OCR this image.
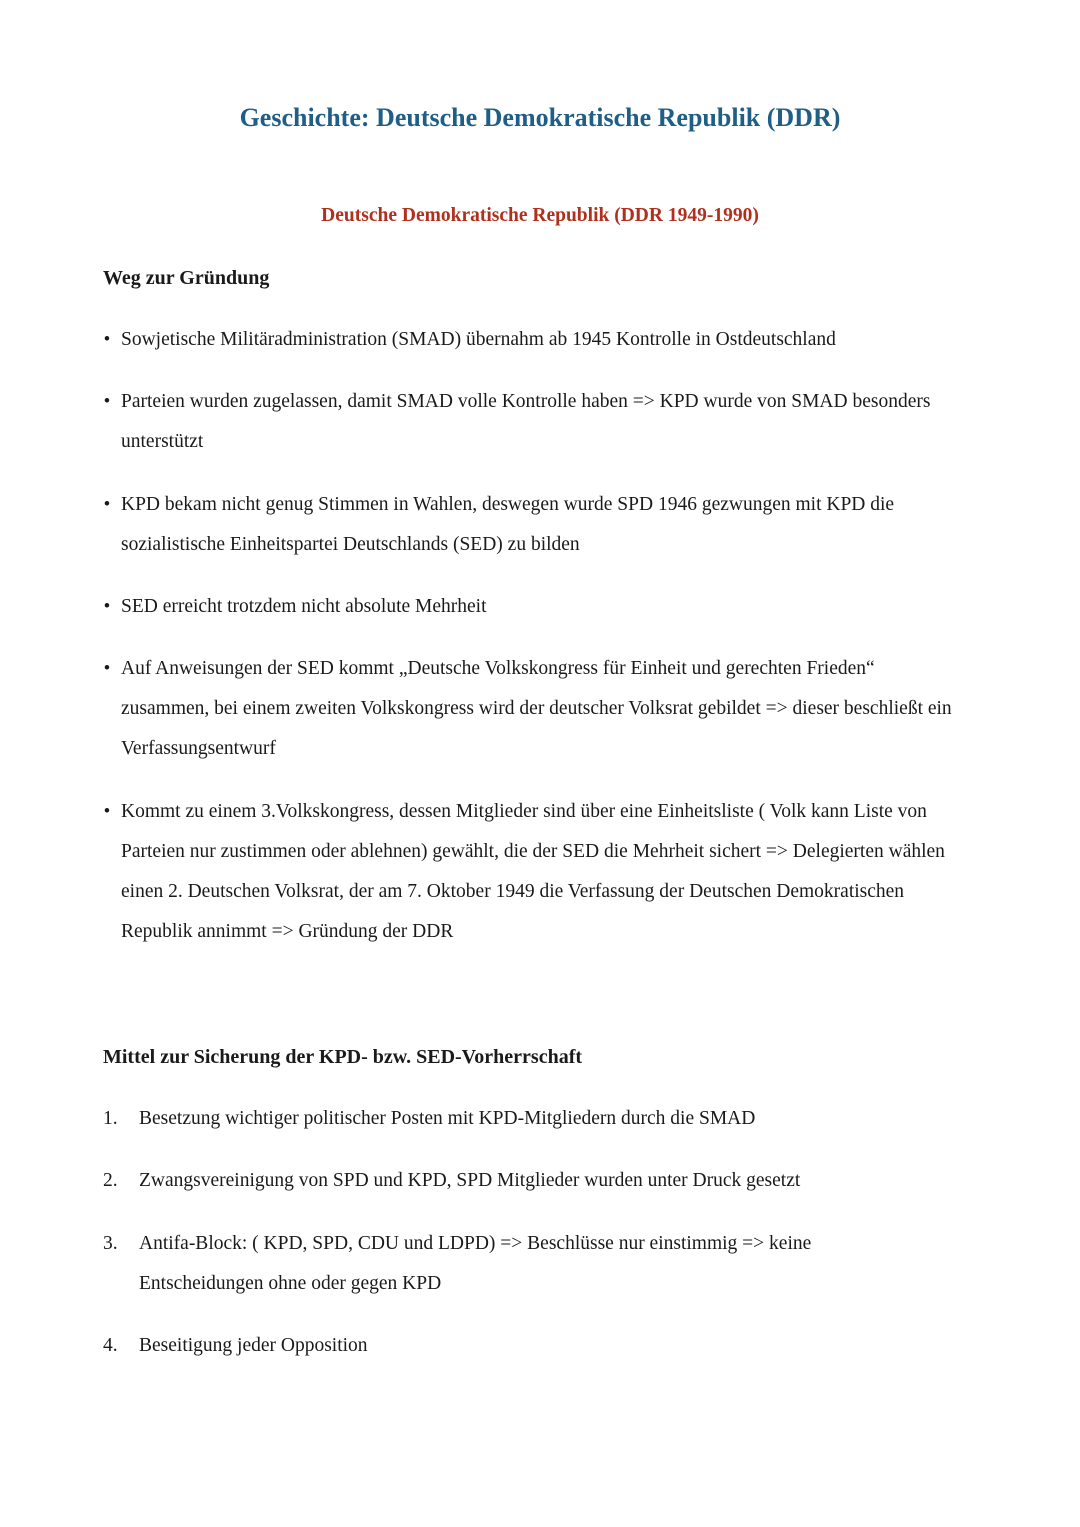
Geschichte: Deutsche Demokratische Republik (DDR)
Deutsche Demokratische Republik (DDR 1949-1990)
Weg zur Gründung
• Sowjetische Militäradministration (SMAD) übernahm ab 1945 Kontrolle in Ostdeutschland
• Parteien wurden zugelassen, damit SMAD volle Kontrolle haben => KPD wurde von SMAD besonders unterstützt
• KPD bekam nicht genug Stimmen in Wahlen, deswegen wurde SPD 1946 gezwungen mit KPD die sozialistische Einheitspartei Deutschlands (SED) zu bilden
• SED erreicht trotzdem nicht absolute Mehrheit
• Auf Anweisungen der SED kommt „Deutsche Volkskongress für Einheit und gerechten Frieden“ zusammen, bei einem zweiten Volkskongress wird der deutscher Volksrat gebildet => dieser beschließt ein Verfassungsentwurf
• Kommt zu einem 3.Volkskongress, dessen Mitglieder sind über eine Einheitsliste ( Volk kann Liste von Parteien nur zustimmen oder ablehnen) gewählt, die der SED die Mehrheit sichert => Delegierten wählen einen 2. Deutschen Volksrat, der am 7. Oktober 1949 die Verfassung der Deutschen Demokratischen Republik annimmt => Gründung der DDR
Mittel zur Sicherung der KPD- bzw. SED-Vorherrschaft
1.	Besetzung wichtiger politischer Posten mit KPD-Mitgliedern durch die SMAD
2.	Zwangsvereinigung von SPD und KPD, SPD Mitglieder wurden unter Druck gesetzt
3.	Antifa-Block: ( KPD, SPD, CDU und LDPD) => Beschlüsse nur einstimmig => keine Entscheidungen ohne oder gegen KPD
4.	Beseitigung jeder Opposition
